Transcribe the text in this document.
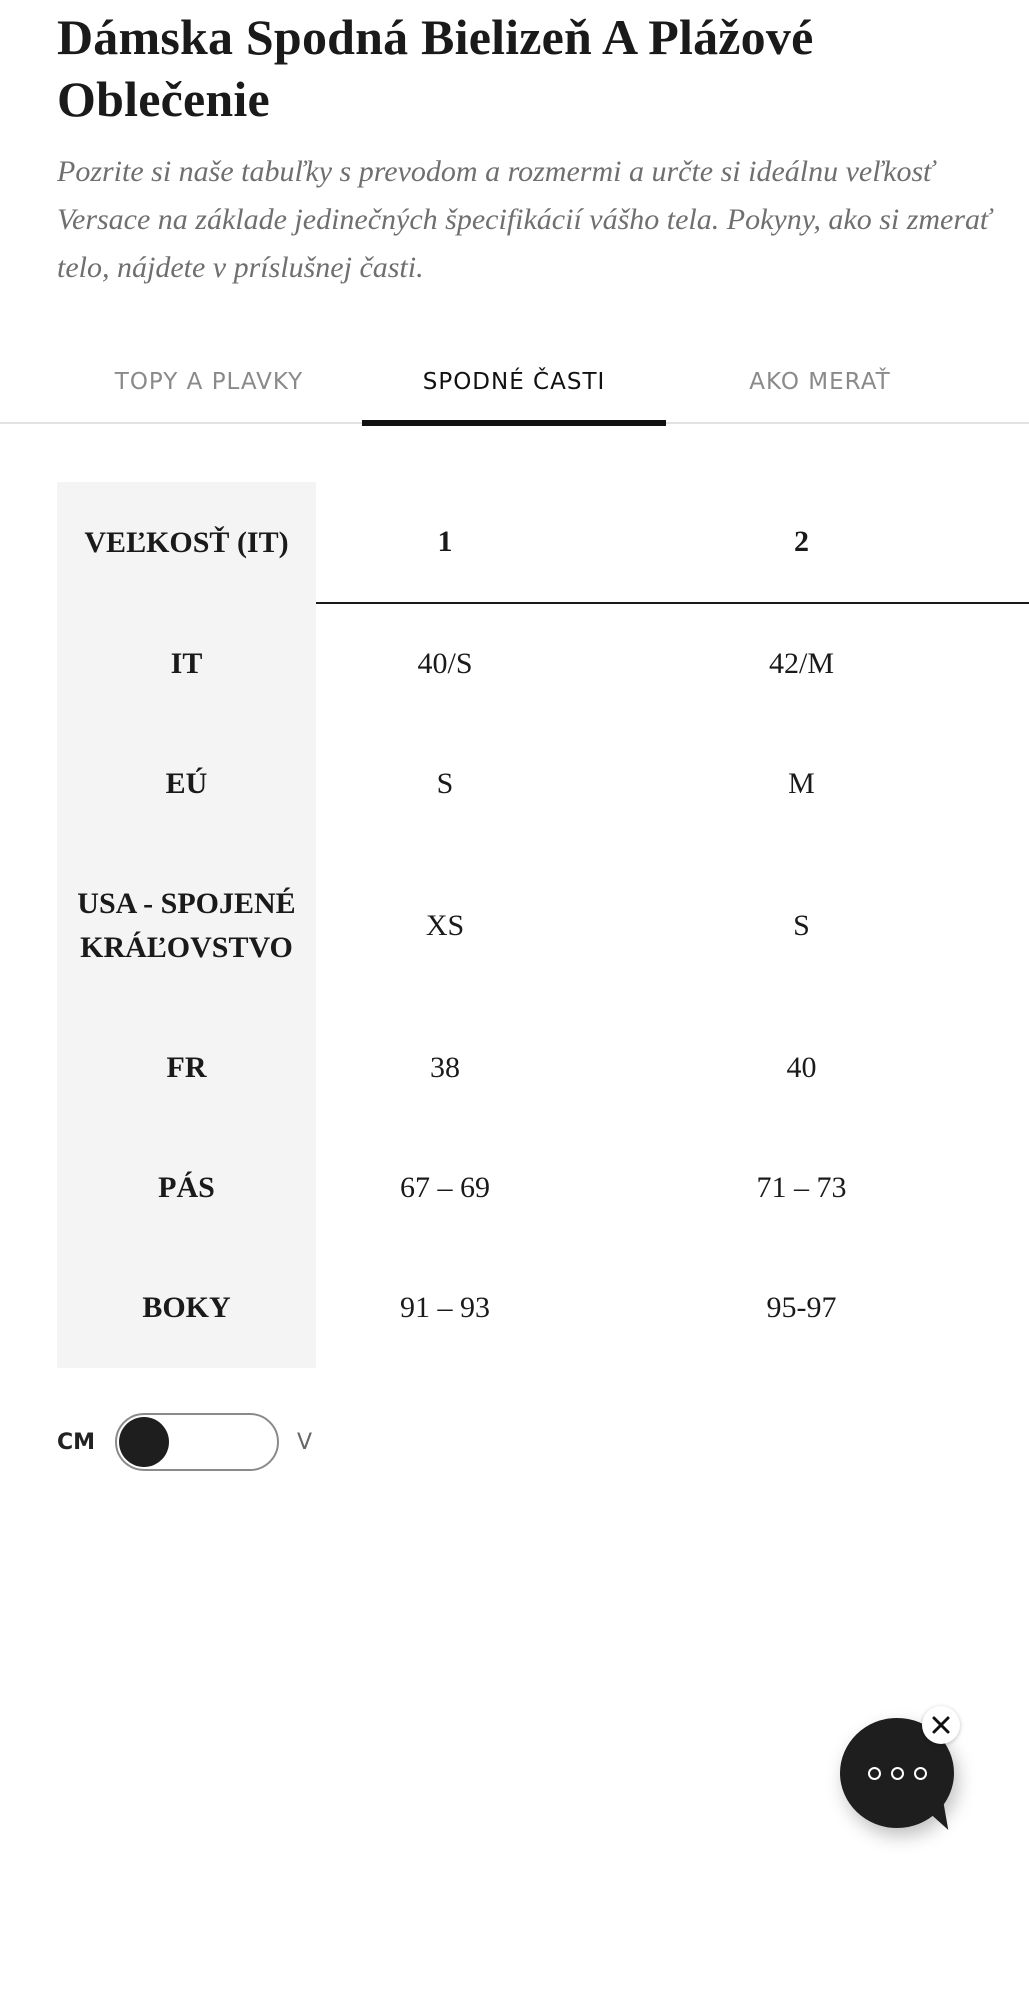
Dámska Spodná Bielizeň A Plážové Oblečenie

Pozrite si naše tabuľky s prevodom a rozmermi a určte si ideálnu veľkosť Versace na základe jedinečných špecifikácií vášho tela. Pokyny, ako si zmerať telo, nájdete v príslušnej časti.

TOPY A PLAVKY	SPODNÉ ČASTI	AKO MERAŤ
VEĽKOSŤ (IT)	1	2
IT	40/S	42/M
EÚ	S	M
USA - SPOJENÉ KRÁĽOVSTVO	XS	S
FR	38	40
PÁS	67 – 69	71 – 73
BOKY	91 – 93	95-97
CM	V
